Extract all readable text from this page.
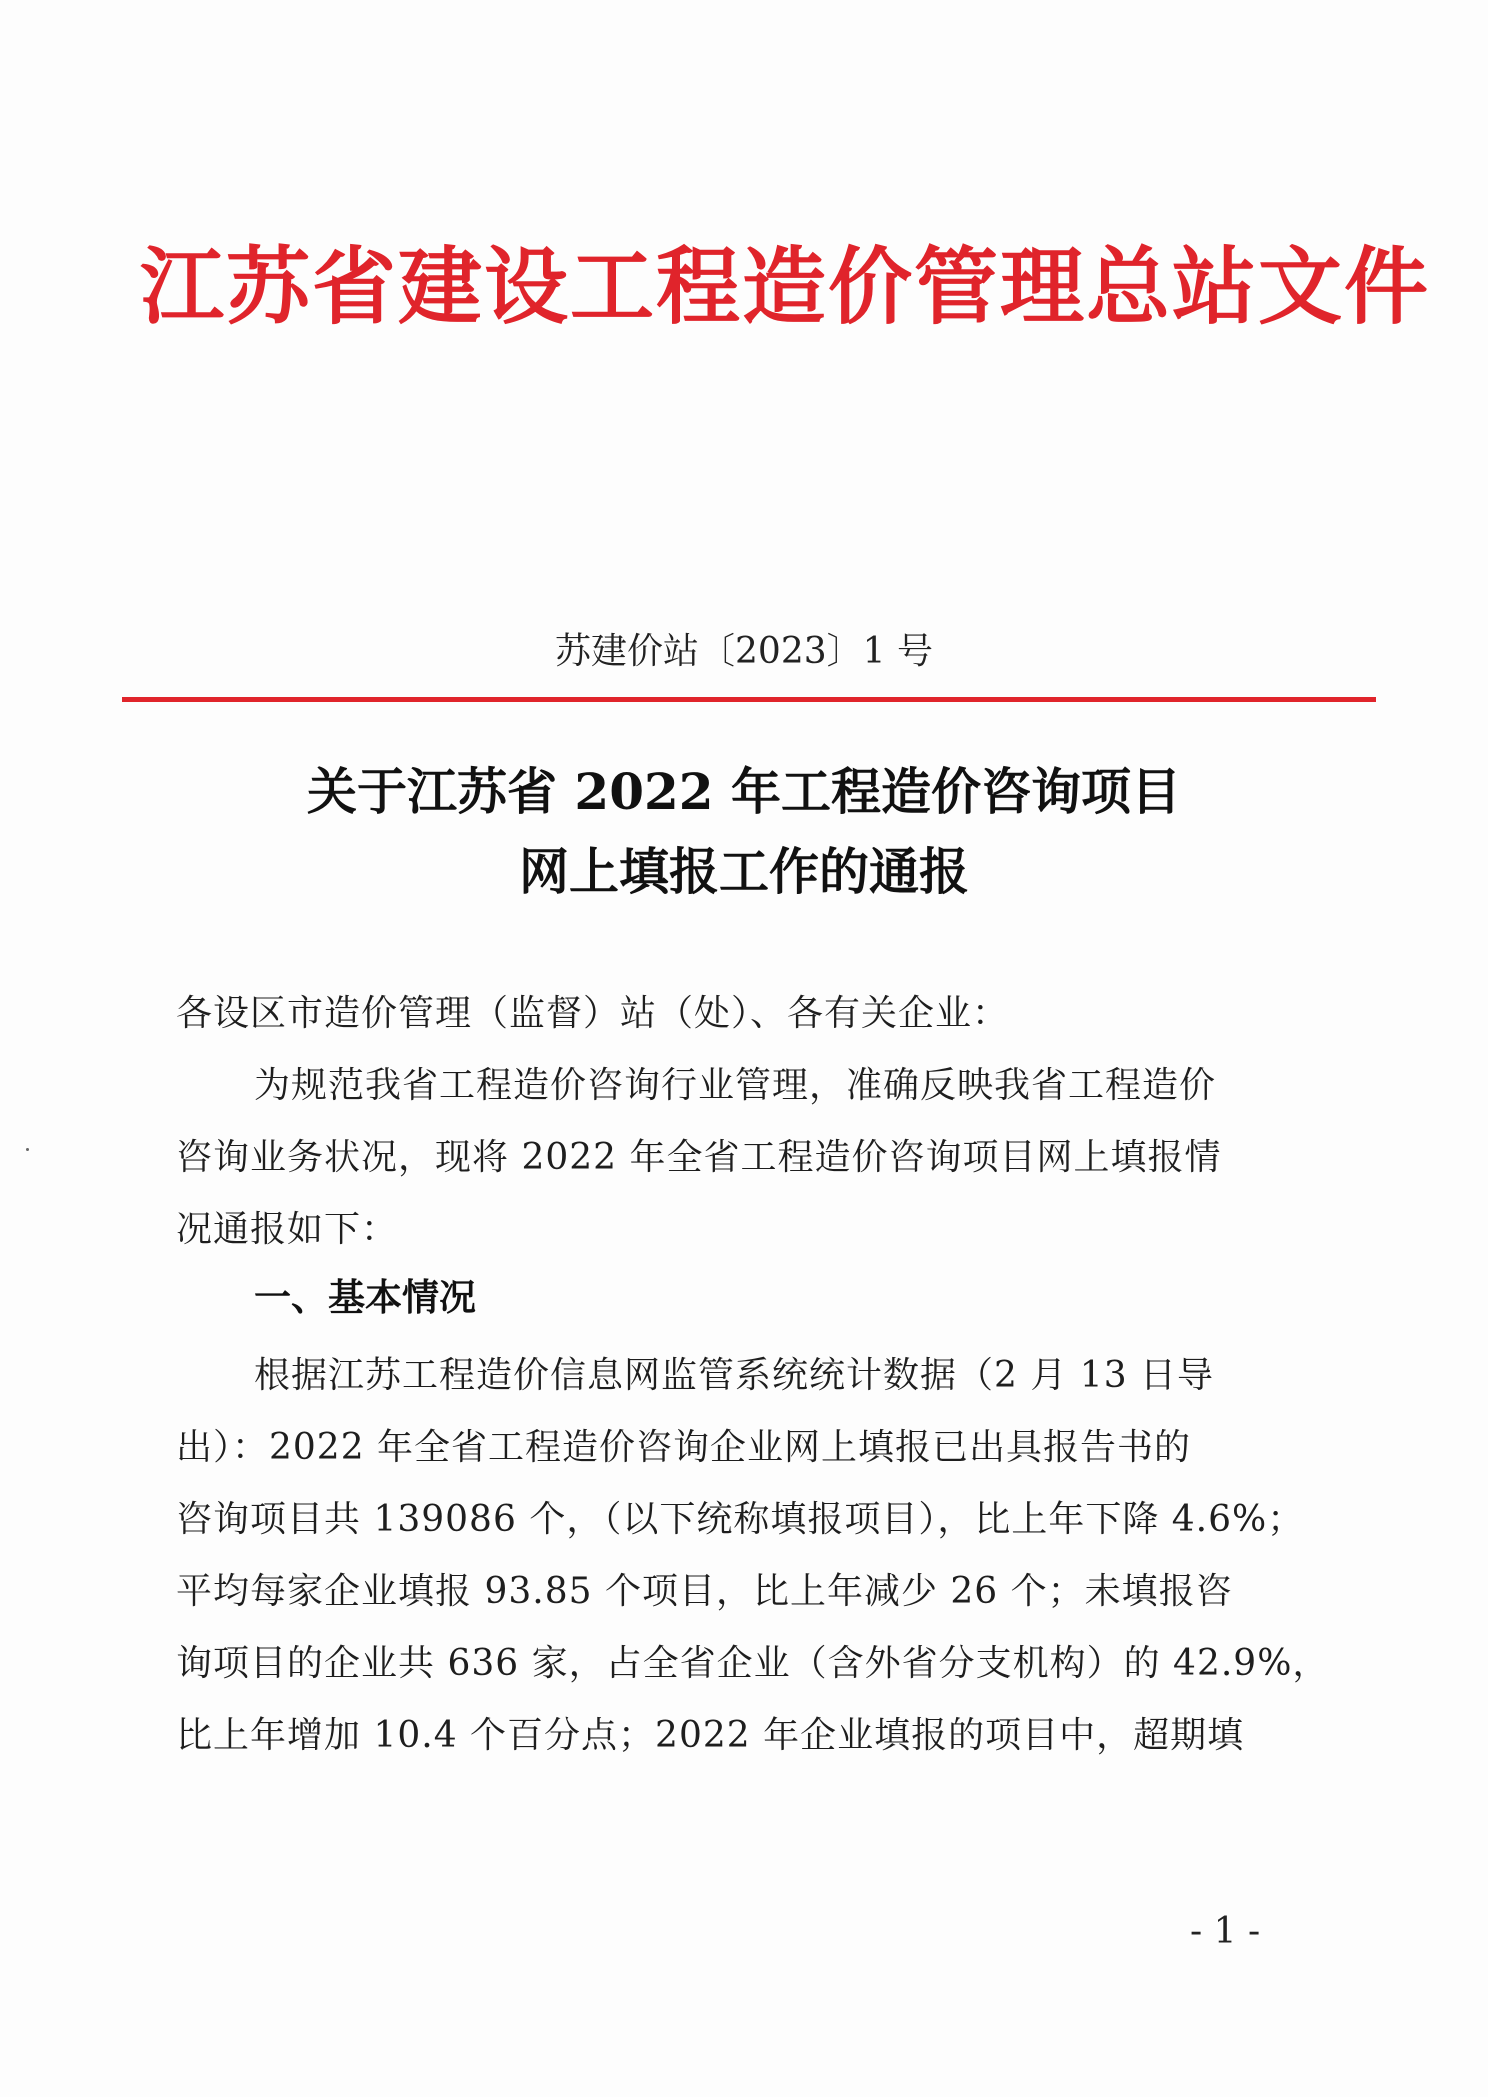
江苏省建设工程造价管理总站文件
苏建价站〔2023〕1 号
关于江苏省 2022 年工程造价咨询项目
网上填报工作的通报
各设区市造价管理（监督）站（处）、各有关企业：
为规范我省工程造价咨询行业管理，准确反映我省工程造价
咨询业务状况，现将 2022 年全省工程造价咨询项目网上填报情
况通报如下：
一、基本情况
根据江苏工程造价信息网监管系统统计数据（2 月 13 日导
出）：2022 年全省工程造价咨询企业网上填报已出具报告书的
咨询项目共 139086 个，（以下统称填报项目），比上年下降 4.6%；
平均每家企业填报 93.85 个项目，比上年减少 26 个；未填报咨
询项目的企业共 636 家，占全省企业（含外省分支机构）的 42.9%，
比上年增加 10.4 个百分点；2022 年企业填报的项目中，超期填
- 1 -
